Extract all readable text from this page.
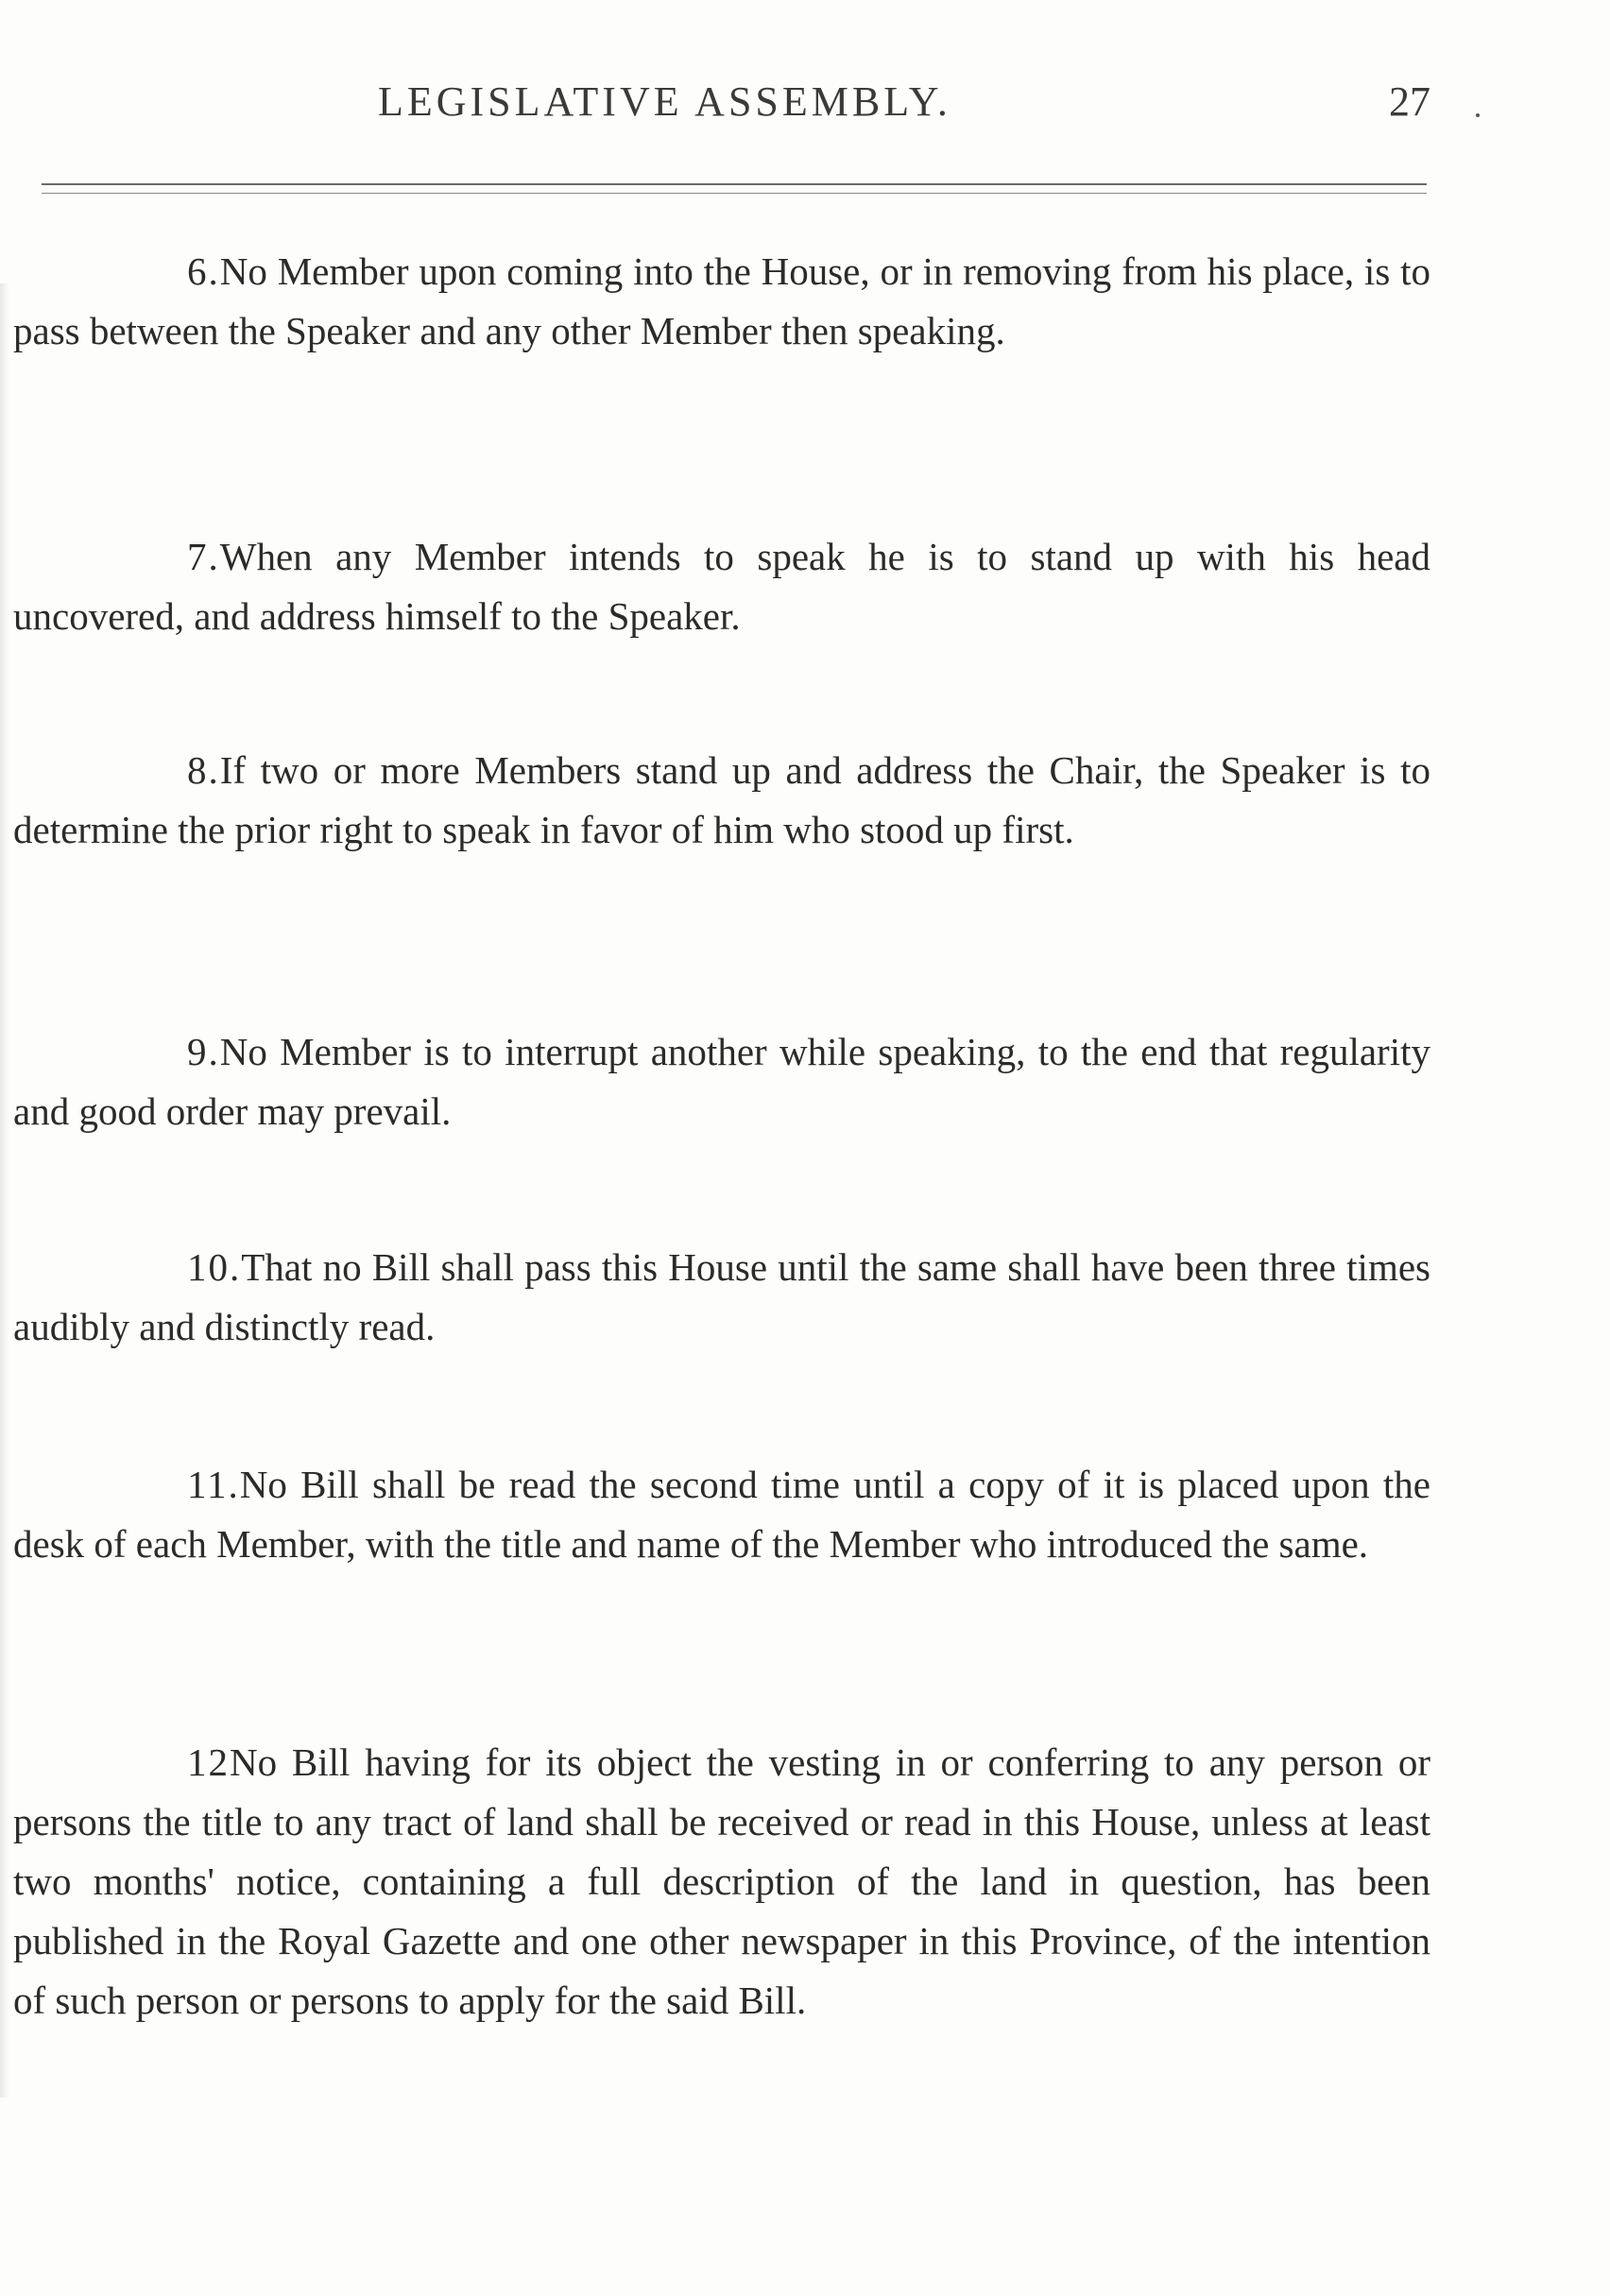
LEGISLATIVE ASSEMBLY.	27

6.No Member upon coming into the House, or in removing from his place, is to pass between the Speaker and any other Member then speaking.

7.When any Member intends to speak he is to stand up with his head uncovered, and address himself to the Speaker.

8.If two or more Members stand up and address the Chair, the Speaker is to determine the prior right to speak in favor of him who stood up first.

9.No Member is to interrupt another while speaking, to the end that regularity and good order may prevail.

10.That no Bill shall pass this House until the same shall have been three times audibly and distinctly read.

11.No Bill shall be read the second time until a copy of it is placed upon the desk of each Member, with the title and name of the Member who introduced the same.

12No Bill having for its object the vesting in or conferring to any person or persons the title to any tract of land shall be received or read in this House, unless at least two months' notice, containing a full description of the land in question, has been published in the Royal Gazette and one other newspaper in this Province, of the intention of such person or persons to apply for the said Bill.
